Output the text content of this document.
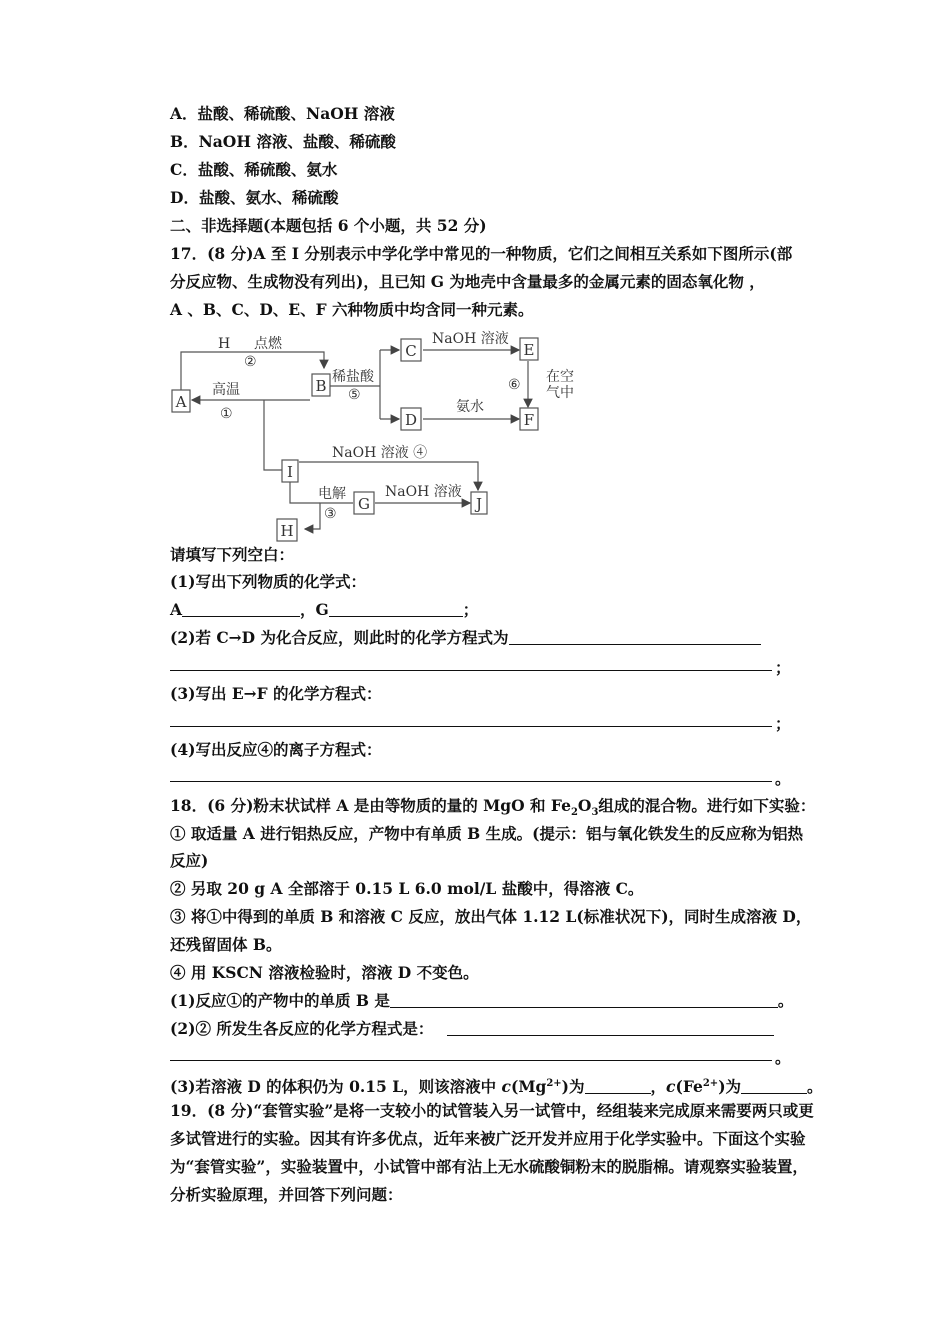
A．盐酸、稀硫酸、NaOH 溶液
B．NaOH 溶液、盐酸、稀硫酸
C．盐酸、稀硫酸、氨水
D．盐酸、氨水、稀硫酸
二、非选择题(本题包括 6 个小题，共 52 分)
17．(8 分)A 至 I 分别表示中学化学中常见的一种物质，它们之间相互关系如下图所示(部
分反应物、生成物没有列出)，且已知 G 为地壳中含量最多的金属元素的固态氧化物 ，
A 、B、C、D、E、F 六种物质中均含同一种元素。
A
B
C
D
E
F
G
H
I
J
H 点燃
②
高温
①
稀盐酸
⑤
NaOH 溶液
氨水
⑥ 在空
气中
NaOH 溶液 ④
电解
③
NaOH 溶液
请填写下列空白：
(1)写出下列物质的化学式：
A	，G	；
(2)若 C→D 为化合反应，则此时的化学方程式为
；
(3)写出 E→F 的化学方程式：
；
(4)写出反应④的离子方程式：
。
18．(6 分)粉末状试样 A 是由等物质的量的 MgO 和 $Fe_2O_3$组成的混合物。进行如下实验：
① 取适量 A 进行铝热反应，产物中有单质 B 生成。(提示：铝与氧化铁发生的反应称为铝热
反应)
② 另取 20 g A 全部溶于 0.15 L 6.0 mol/L 盐酸中，得溶液 C。
③ 将①中得到的单质 B 和溶液 C 反应，放出气体 1.12 L(标准状况下)，同时生成溶液 D，
还残留固体 B。
④ 用 KSCN 溶液检验时，溶液 D 不变色。
(1)反应①的产物中的单质 B 是	。
(2)② 所发生各反应的化学方程式是：
。
(3)若溶液 D 的体积仍为 0.15 L，则该溶液中 $c(Mg^{2+})$为	，$c(Fe^{2+})$为	。
19．(8 分)“套管实验”是将一支较小的试管装入另一试管中，经组装来完成原来需要两只或更多试管进行的实验。因其有许多优点，近年来被广泛开发并应用于化学实验中。下面这个实验为“套管实验”，实验装置中，小试管中部有沾上无水硫酸铜粉末的脱脂棉。请观察实验装置，分析实验原理，并回答下列问题：
